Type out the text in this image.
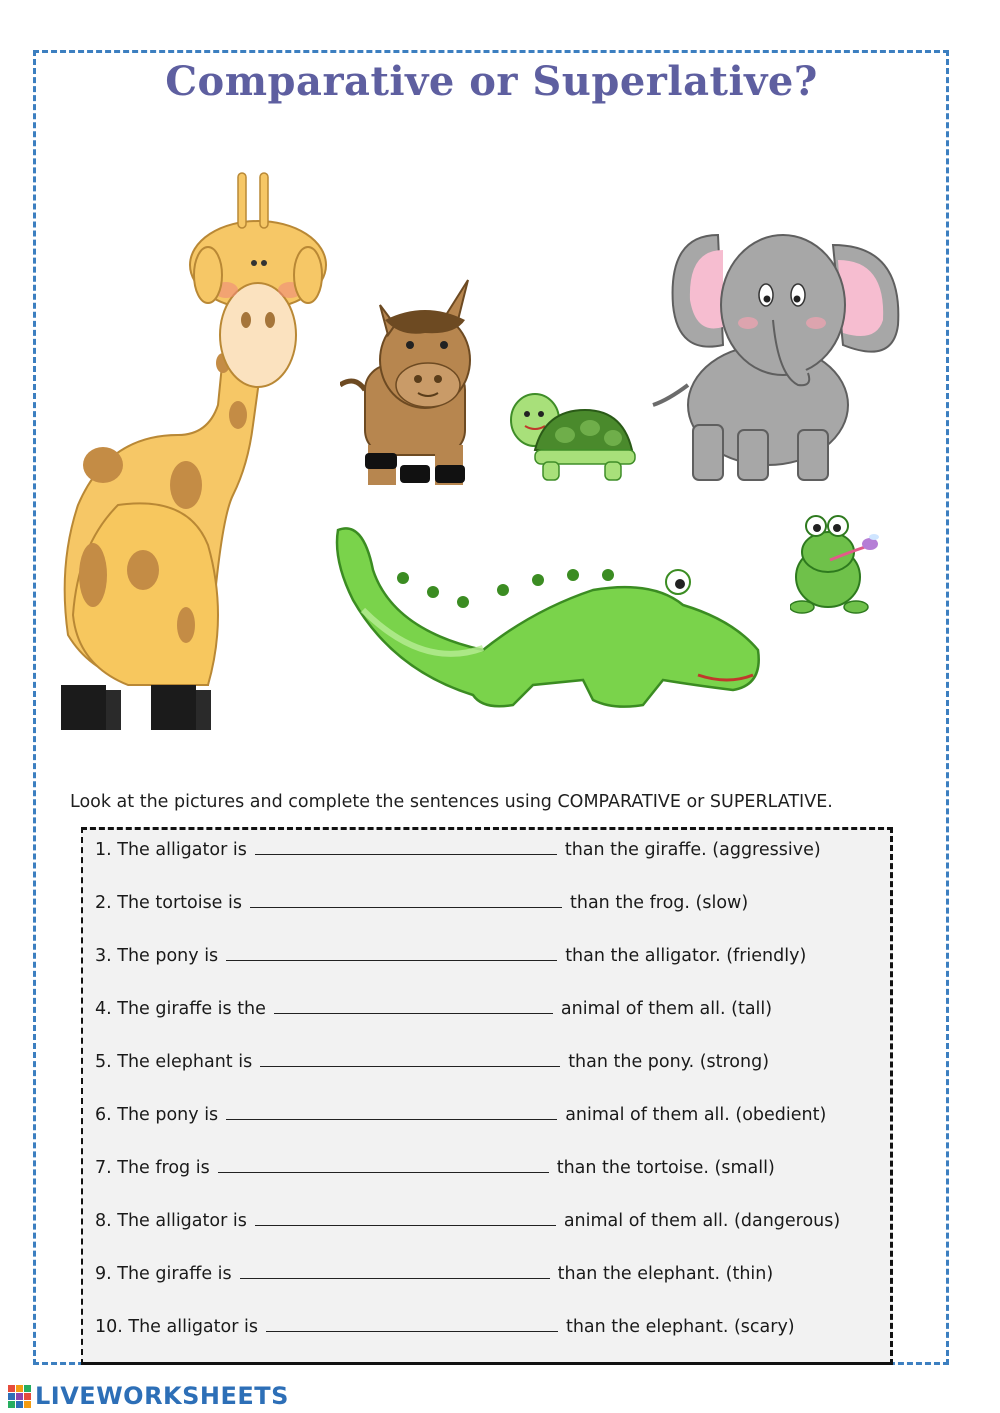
Comparative or Superlative?
Look at the pictures and complete the sentences using COMPARATIVE or SUPERLATIVE.
1. The alligator is	than the giraffe. (aggressive)
2. The tortoise is	than the frog. (slow)
3. The pony is	than the alligator. (friendly)
4. The giraffe is the	animal of them all. (tall)
5. The elephant is	than the pony. (strong)
6. The pony is	animal of them all. (obedient)
7. The frog is	than the tortoise. (small)
8. The alligator is	animal of them all. (dangerous)
9. The giraffe is	than the elephant. (thin)
10. The alligator is	than the elephant. (scary)
LIVEWORKSHEETS
